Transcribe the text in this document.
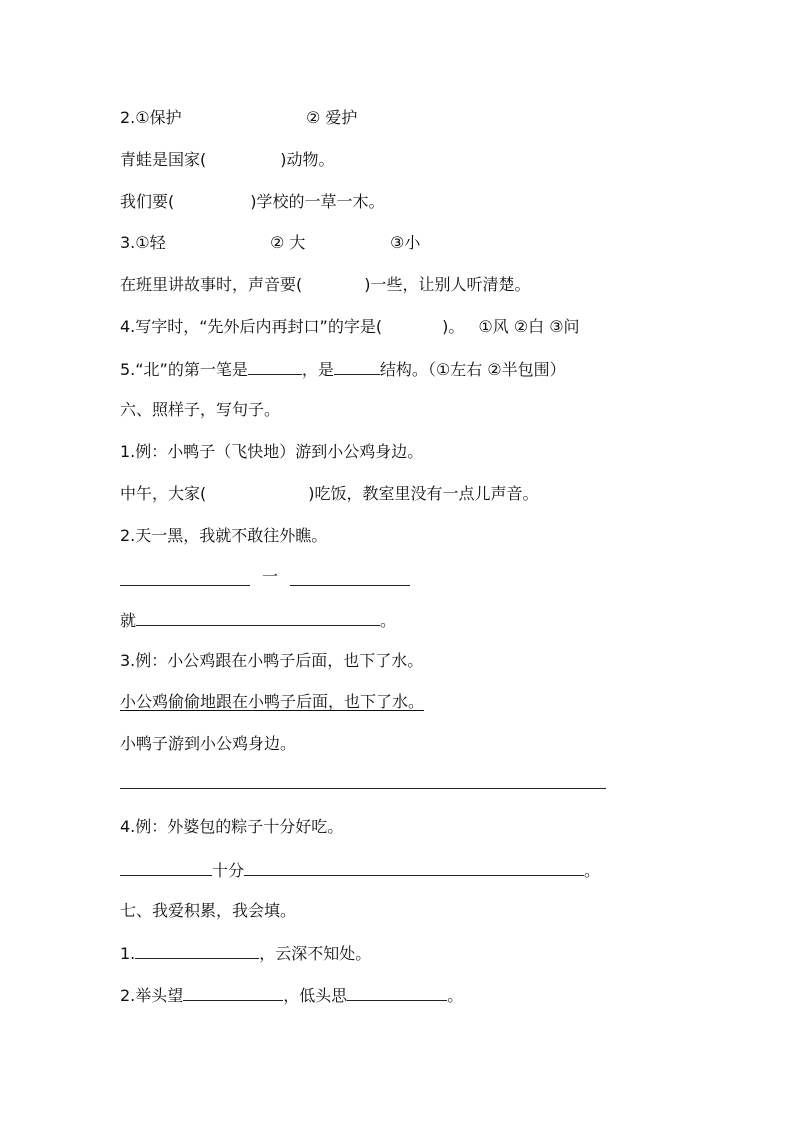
2.①保护	② 爱护
青蛙是国家(	)动物。
我们要(	)学校的一草一木。
3.①轻	② 大	③小
在班里讲故事时，声音要(	)一些，让别人听清楚。
4.写字时，“先外后内再封口”的字是(	)。 ①风 ②白 ③问
5.“北”的第一笔是	，是	结构。（①左右 ②半包围）
六、照样子，写句子。
1.例：小鸭子（飞快地）游到小公鸡身边。
中午，大家(	)吃饭，教室里没有一点儿声音。
2.天一黑，我就不敢往外瞧。
一
就	。
3.例：小公鸡跟在小鸭子后面，也下了水。
小公鸡偷偷地跟在小鸭子后面，也下了水。
小鸭子游到小公鸡身边。
4.例：外婆包的粽子十分好吃。
十分	。
七、我爱积累，我会填。
1.	，云深不知处。
2.举头望	，低头思	。
